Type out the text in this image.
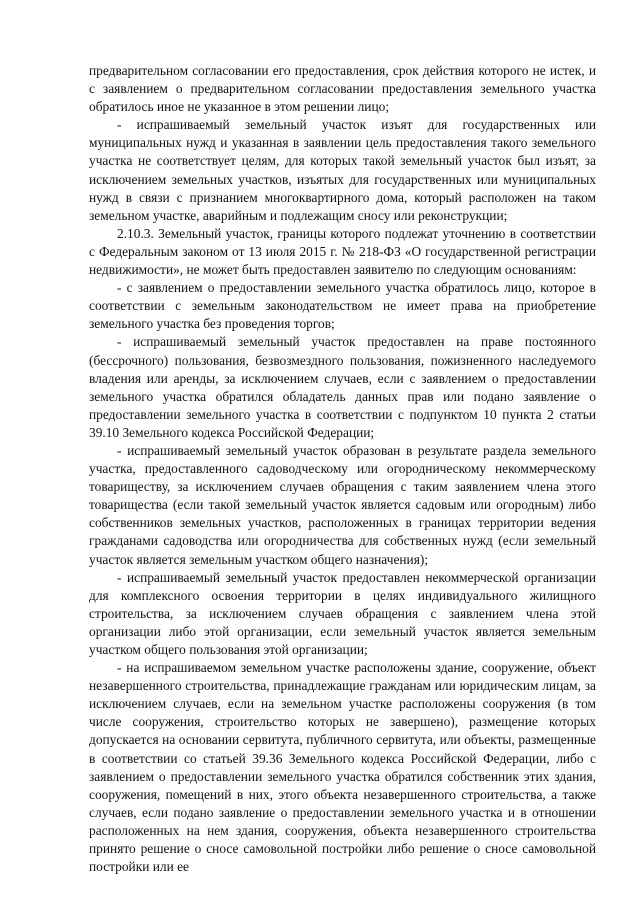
предварительном согласовании его предоставления, срок действия которого не истек, и с заявлением о предварительном согласовании предоставления земельного участка обратилось иное не указанное в этом решении лицо;

- испрашиваемый земельный участок изъят для государственных или муниципальных нужд и указанная в заявлении цель предоставления такого земельного участка не соответствует целям, для которых такой земельный участок был изъят, за исключением земельных участков, изъятых для государственных или муниципальных нужд в связи с признанием многоквартирного дома, который расположен на таком земельном участке, аварийным и подлежащим сносу или реконструкции;

2.10.3. Земельный участок, границы которого подлежат уточнению в соответствии с Федеральным законом от 13 июля 2015 г. № 218-ФЗ «О государственной регистрации недвижимости», не может быть предоставлен заявителю по следующим основаниям:

- с заявлением о предоставлении земельного участка обратилось лицо, которое в соответствии с земельным законодательством не имеет права на приобретение земельного участка без проведения торгов;

- испрашиваемый земельный участок предоставлен на праве постоянного (бессрочного) пользования, безвозмездного пользования, пожизненного наследуемого владения или аренды, за исключением случаев, если с заявлением о предоставлении земельного участка обратился обладатель данных прав или подано заявление о предоставлении земельного участка в соответствии с подпунктом 10 пункта 2 статьи 39.10 Земельного кодекса Российской Федерации;

- испрашиваемый земельный участок образован в результате раздела земельного участка, предоставленного садоводческому или огородническому некоммерческому товариществу, за исключением случаев обращения с таким заявлением члена этого товарищества (если такой земельный участок является садовым или огородным) либо собственников земельных участков, расположенных в границах территории ведения гражданами садоводства или огородничества для собственных нужд (если земельный участок является земельным участком общего назначения);

- испрашиваемый земельный участок предоставлен некоммерческой организации для комплексного освоения территории в целях индивидуального жилищного строительства, за исключением случаев обращения с заявлением члена этой организации либо этой организации, если земельный участок является земельным участком общего пользования этой организации;

- на испрашиваемом земельном участке расположены здание, сооружение, объект незавершенного строительства, принадлежащие гражданам или юридическим лицам, за исключением случаев, если на земельном участке расположены сооружения (в том числе сооружения, строительство которых не завершено), размещение которых допускается на основании сервитута, публичного сервитута, или объекты, размещенные в соответствии со статьей 39.36 Земельного кодекса Российской Федерации, либо с заявлением о предоставлении земельного участка обратился собственник этих здания, сооружения, помещений в них, этого объекта незавершенного строительства, а также случаев, если подано заявление о предоставлении земельного участка и в отношении расположенных на нем здания, сооружения, объекта незавершенного строительства принято решение о сносе самовольной постройки либо решение о сносе самовольной постройки или ее
